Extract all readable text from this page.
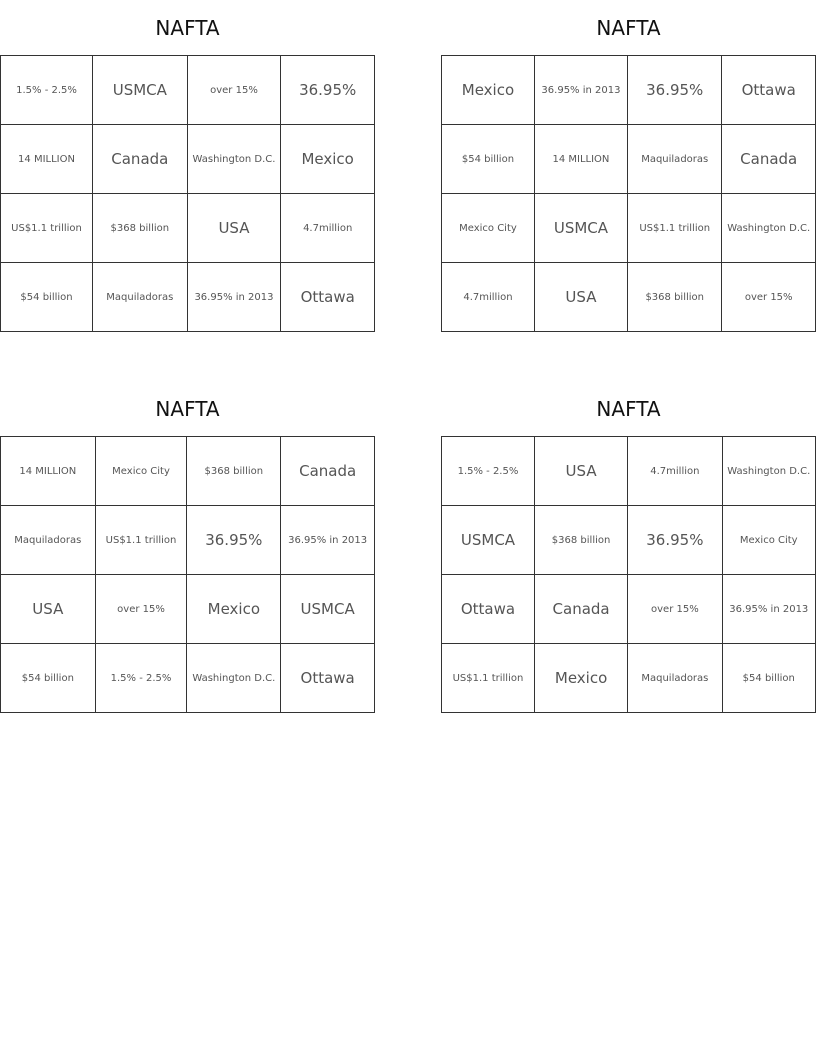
NAFTA
1.5% - 2.5%	USMCA	over 15%	36.95%
14 MILLION	Canada	Washington D.C.	Mexico
US$1.1 trillion	$368 billion	USA	4.7million
$54 billion	Maquiladoras	36.95% in 2013	Ottawa
NAFTA
Mexico	36.95% in 2013	36.95%	Ottawa
$54 billion	14 MILLION	Maquiladoras	Canada
Mexico City	USMCA	US$1.1 trillion	Washington D.C.
4.7million	USA	$368 billion	over 15%
NAFTA
14 MILLION	Mexico City	$368 billion	Canada
Maquiladoras	US$1.1 trillion	36.95%	36.95% in 2013
USA	over 15%	Mexico	USMCA
$54 billion	1.5% - 2.5%	Washington D.C.	Ottawa
NAFTA
1.5% - 2.5%	USA	4.7million	Washington D.C.
USMCA	$368 billion	36.95%	Mexico City
Ottawa	Canada	over 15%	36.95% in 2013
US$1.1 trillion	Mexico	Maquiladoras	$54 billion
